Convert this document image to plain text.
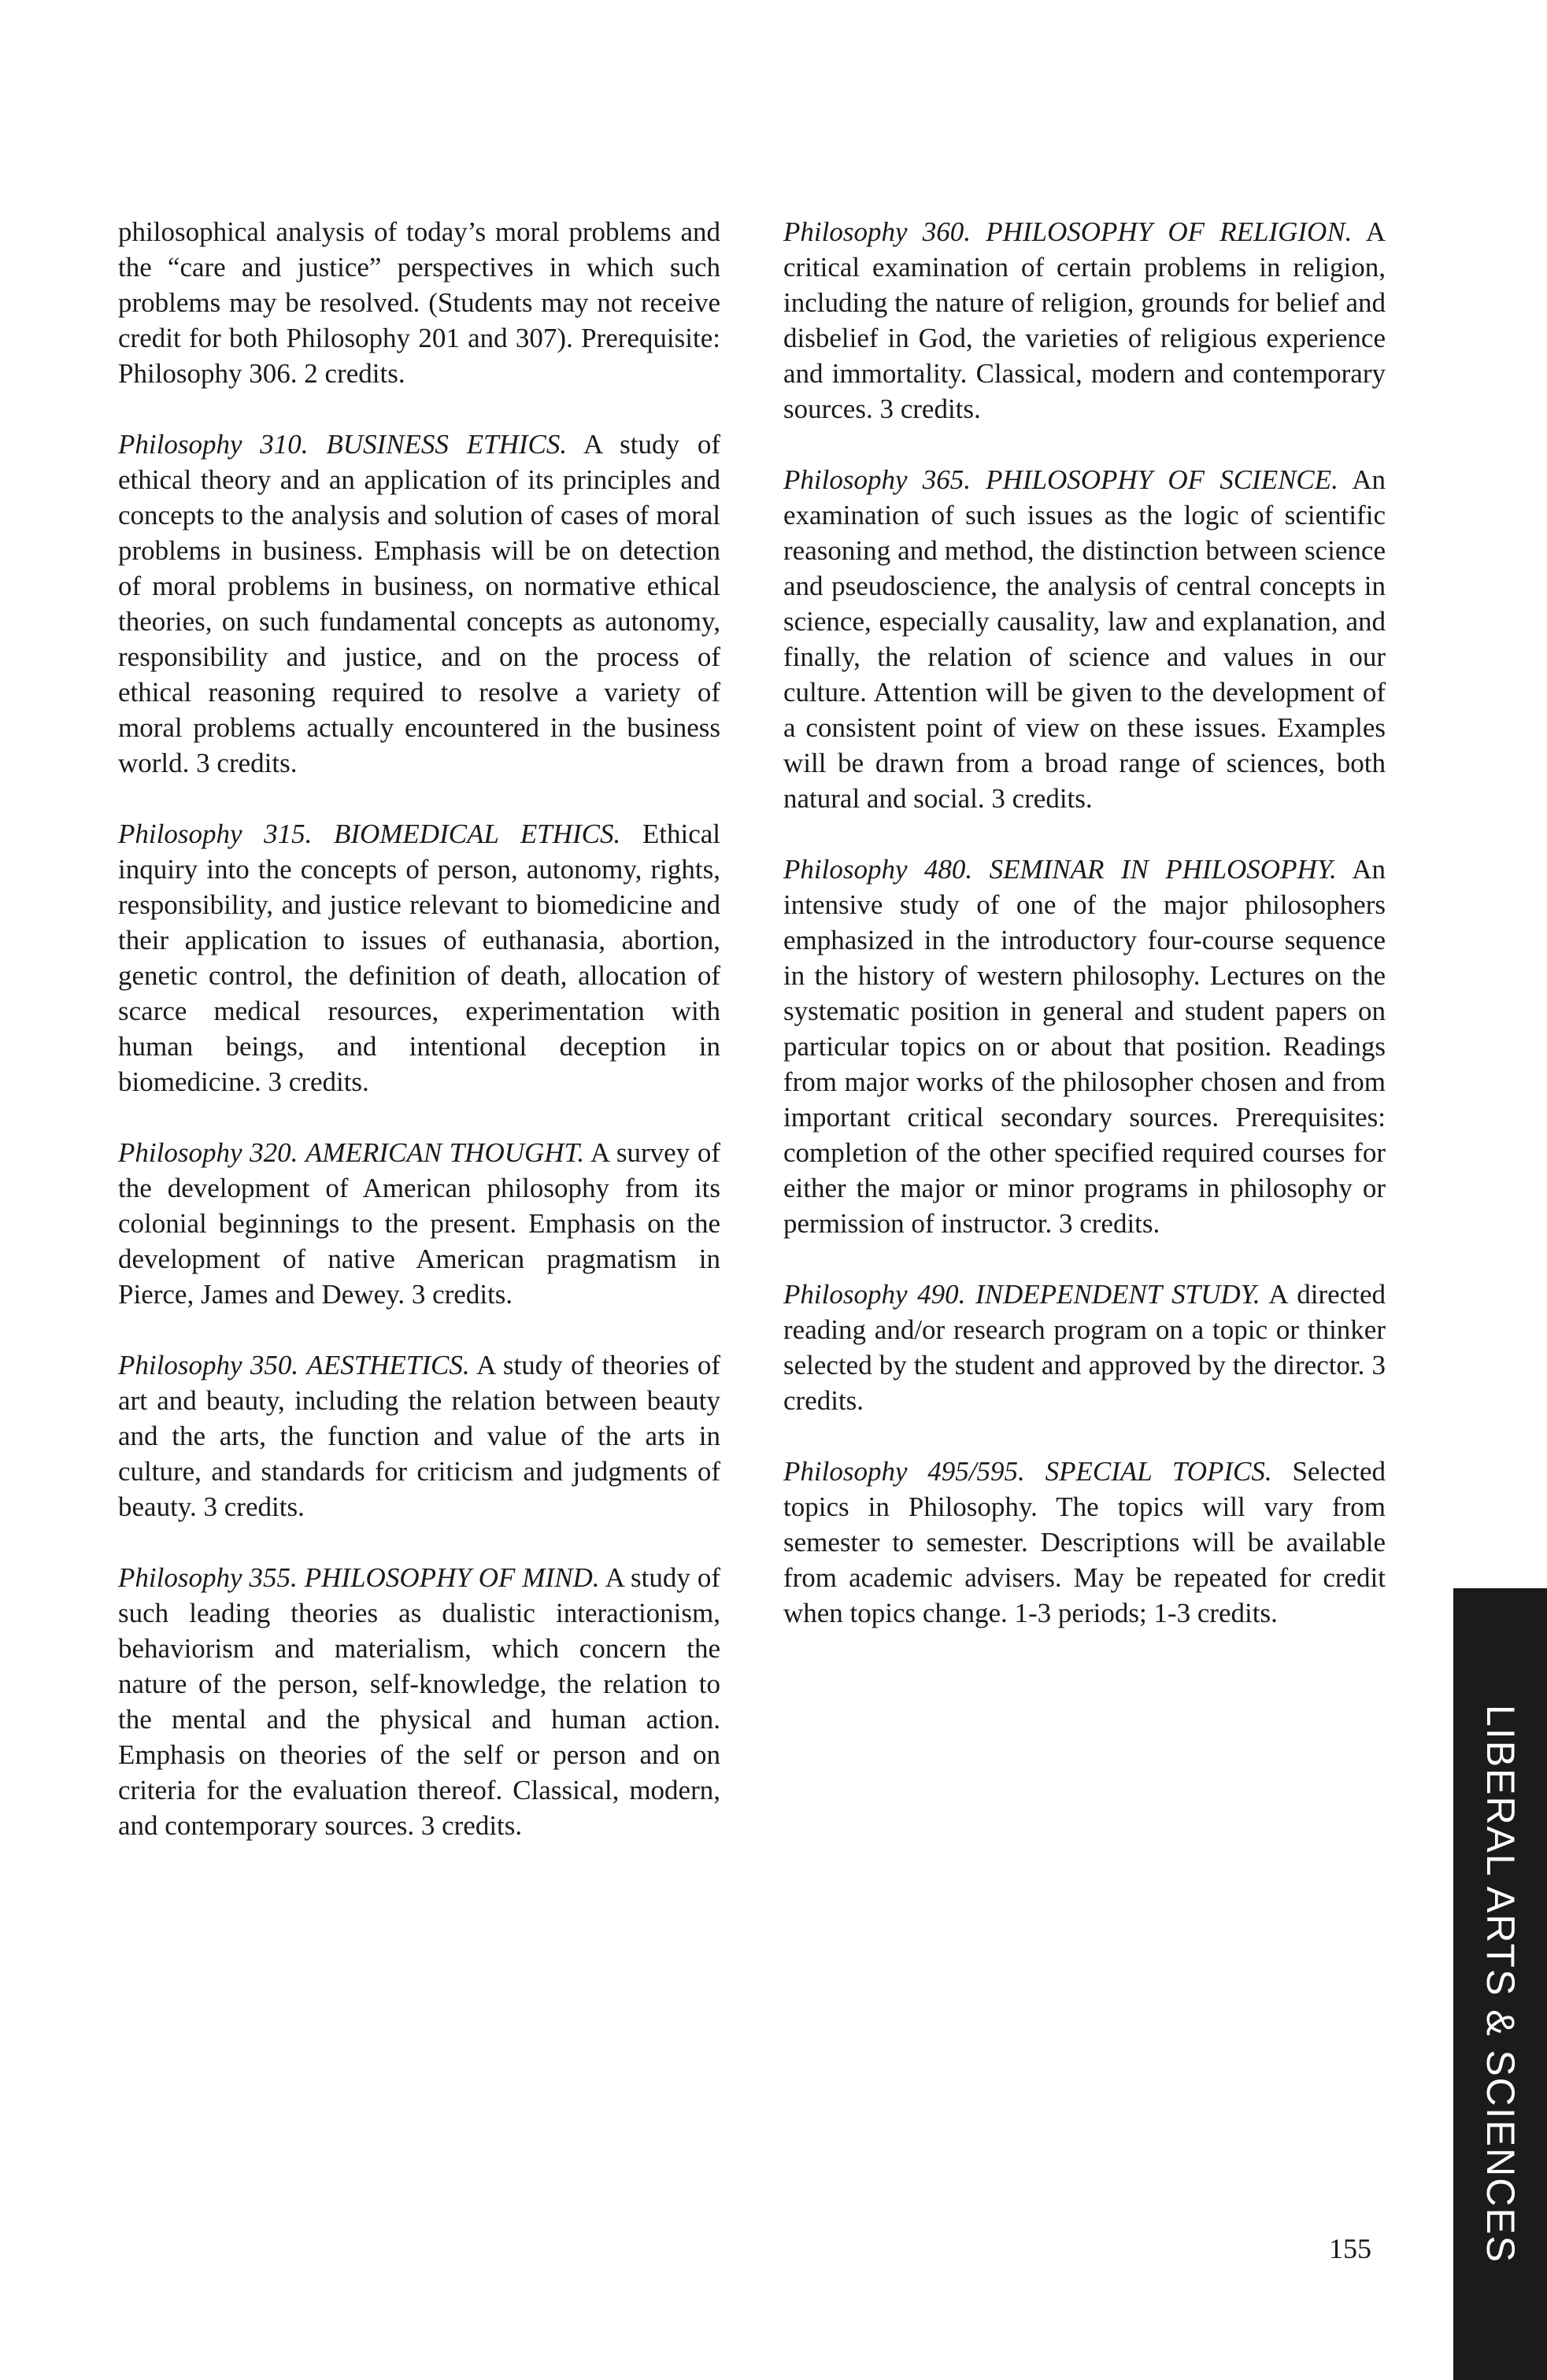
philosophical analysis of today’s moral problems and the “care and justice” perspectives in which such problems may be resolved. (Students may not receive credit for both Philosophy 201 and 307). Prerequisite: Philosophy 306. 2 credits.

Philosophy 310. BUSINESS ETHICS. A study of ethical theory and an application of its principles and concepts to the analysis and solution of cases of moral problems in business. Emphasis will be on detection of moral problems in business, on normative ethical theories, on such fundamental concepts as autonomy, responsibility and justice, and on the process of ethical reasoning required to resolve a variety of moral problems actually encountered in the business world. 3 credits.

Philosophy 315. BIOMEDICAL ETHICS. Ethical inquiry into the concepts of person, autonomy, rights, responsibility, and justice relevant to biomedicine and their application to issues of euthanasia, abortion, genetic control, the definition of death, allocation of scarce medical resources, experimentation with human beings, and intentional deception in biomedicine. 3 credits.

Philosophy 320. AMERICAN THOUGHT. A survey of the development of American philosophy from its colonial beginnings to the present. Emphasis on the development of native American pragmatism in Pierce, James and Dewey. 3 credits.

Philosophy 350. AESTHETICS. A study of theories of art and beauty, including the relation between beauty and the arts, the function and value of the arts in culture, and standards for criticism and judgments of beauty. 3 credits.

Philosophy 355. PHILOSOPHY OF MIND. A study of such leading theories as dualistic interactionism, behaviorism and materialism, which concern the nature of the person, self-knowledge, the relation to the mental and the physical and human action. Emphasis on theories of the self or person and on criteria for the evaluation thereof. Classical, modern, and contemporary sources. 3 credits.

Philosophy 360. PHILOSOPHY OF RELIGION. A critical examination of certain problems in religion, including the nature of religion, grounds for belief and disbelief in God, the varieties of religious experience and immortality. Classical, modern and contemporary sources. 3 credits.

Philosophy 365. PHILOSOPHY OF SCIENCE. An examination of such issues as the logic of scientific reasoning and method, the distinction between science and pseudoscience, the analysis of central concepts in science, especially causality, law and explanation, and finally, the relation of science and values in our culture. Attention will be given to the development of a consistent point of view on these issues. Examples will be drawn from a broad range of sciences, both natural and social. 3 credits.

Philosophy 480. SEMINAR IN PHILOSOPHY. An intensive study of one of the major philosophers emphasized in the introductory four-course sequence in the history of western philosophy. Lectures on the systematic position in general and student papers on particular topics on or about that position. Readings from major works of the philosopher chosen and from important critical secondary sources. Prerequisites: completion of the other specified required courses for either the major or minor programs in philosophy or permission of instructor. 3 credits.

Philosophy 490. INDEPENDENT STUDY. A directed reading and/or research program on a topic or thinker selected by the student and approved by the director. 3 credits.

Philosophy 495/595. SPECIAL TOPICS. Selected topics in Philosophy. The topics will vary from semester to semester. Descriptions will be available from academic advisers. May be repeated for credit when topics change. 1-3 periods; 1-3 credits.

LIBERAL ARTS & SCIENCES
155
